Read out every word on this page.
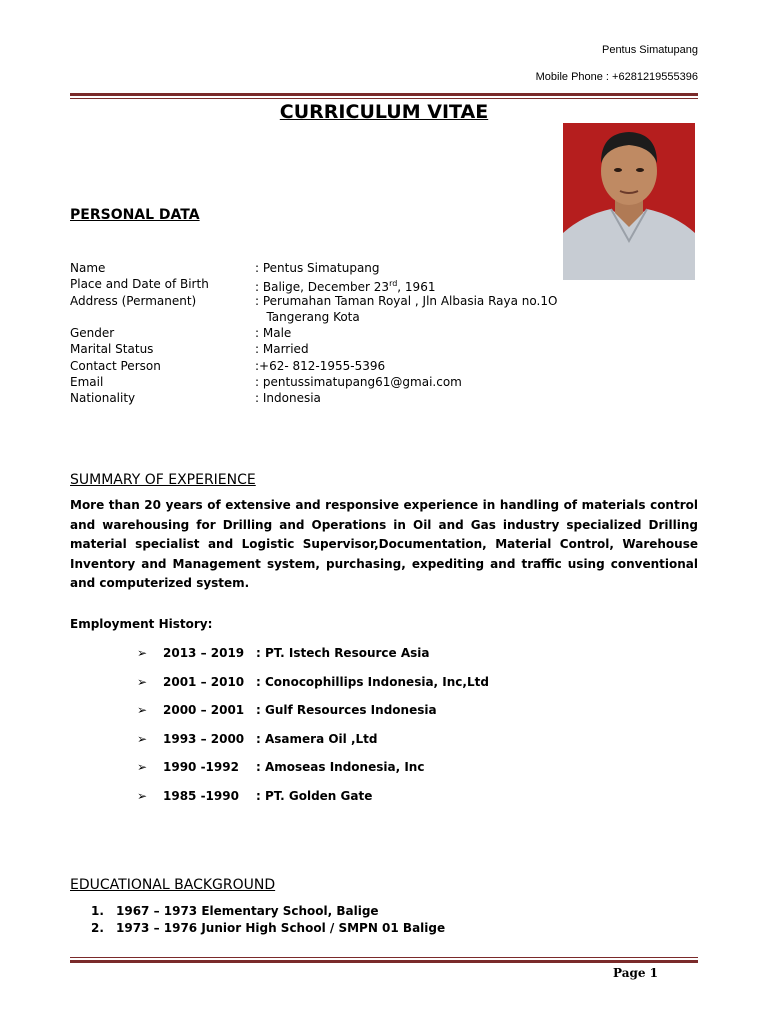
Pentus Simatupang
Mobile Phone : +6281219555396
CURRICULUM VITAE
PERSONAL DATA
Name	: Pentus Simatupang
Place and Date of Birth	: Balige, December 23rd, 1961
Address (Permanent)	: Perumahan Taman Royal , Jln Albasia Raya no.1O
Tangerang Kota
Gender	: Male
Marital Status	: Married
Contact Person	:+62- 812-1955-5396
Email	: pentussimatupang61@gmai.com
Nationality	: Indonesia
SUMMARY OF EXPERIENCE
More than 20 years of extensive and responsive experience in handling of materials control and warehousing for Drilling and Operations in Oil and Gas industry specialized Drilling material specialist and Logistic Supervisor,Documentation, Material Control, Warehouse Inventory and Management system, purchasing, expediting and traffic using conventional and computerized system.
Employment History:
➢	2013 – 2019 : PT. Istech Resource Asia
➢	2001 – 2010 : Conocophillips Indonesia, Inc,Ltd
➢	2000 – 2001 : Gulf Resources Indonesia
➢	1993 – 2000 : Asamera Oil ,Ltd
➢	1990 -1992	: Amoseas Indonesia, Inc
➢	1985 -1990	: PT. Golden Gate
EDUCATIONAL BACKGROUND
1.	1967 – 1973 Elementary School, Balige
2.	1973 – 1976 Junior High School / SMPN 01 Balige
Page 1
